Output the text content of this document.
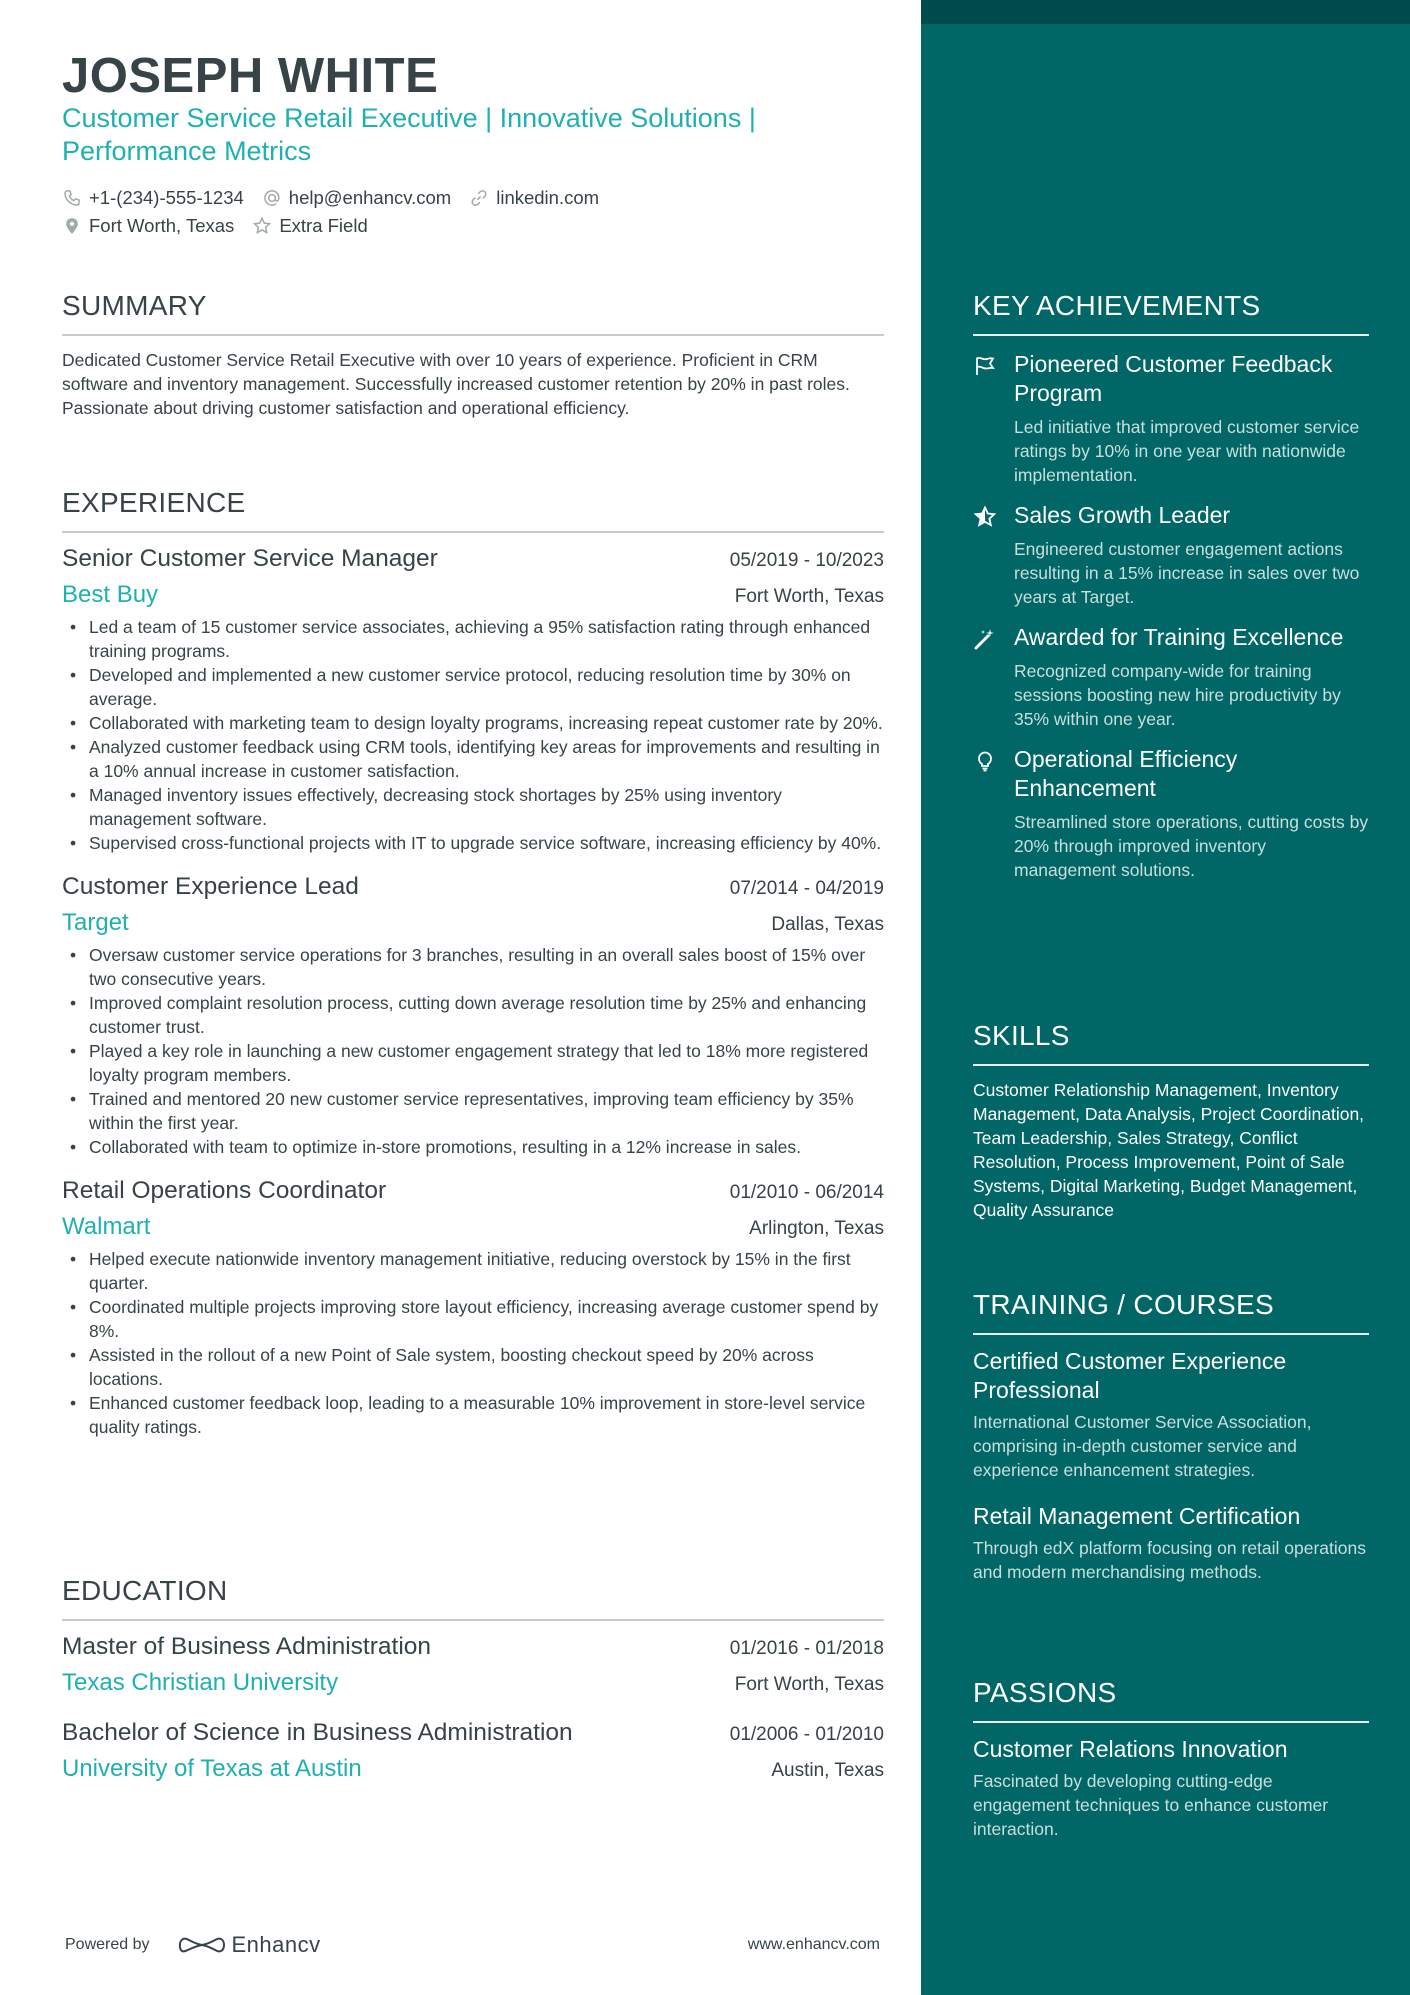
JOSEPH WHITE
Customer Service Retail Executive | Innovative Solutions |
Performance Metrics
+1-(234)-555-1234 help@enhancv.com linkedin.com
Fort Worth, Texas Extra Field
SUMMARY
Dedicated Customer Service Retail Executive with over 10 years of experience. Proficient in CRM software and inventory management. Successfully increased customer retention by 20% in past roles. Passionate about driving customer satisfaction and operational efficiency.
EXPERIENCE
Senior Customer Service Manager	05/2019 - 10/2023
Best Buy	Fort Worth, Texas
• Led a team of 15 customer service associates, achieving a 95% satisfaction rating through enhanced training programs.
• Developed and implemented a new customer service protocol, reducing resolution time by 30% on average.
• Collaborated with marketing team to design loyalty programs, increasing repeat customer rate by 20%.
• Analyzed customer feedback using CRM tools, identifying key areas for improvements and resulting in a 10% annual increase in customer satisfaction.
• Managed inventory issues effectively, decreasing stock shortages by 25% using inventory management software.
• Supervised cross-functional projects with IT to upgrade service software, increasing efficiency by 40%.
Customer Experience Lead	07/2014 - 04/2019
Target	Dallas, Texas
• Oversaw customer service operations for 3 branches, resulting in an overall sales boost of 15% over two consecutive years.
• Improved complaint resolution process, cutting down average resolution time by 25% and enhancing customer trust.
• Played a key role in launching a new customer engagement strategy that led to 18% more registered loyalty program members.
• Trained and mentored 20 new customer service representatives, improving team efficiency by 35% within the first year.
• Collaborated with team to optimize in-store promotions, resulting in a 12% increase in sales.
Retail Operations Coordinator	01/2010 - 06/2014
Walmart	Arlington, Texas
• Helped execute nationwide inventory management initiative, reducing overstock by 15% in the first quarter.
• Coordinated multiple projects improving store layout efficiency, increasing average customer spend by 8%.
• Assisted in the rollout of a new Point of Sale system, boosting checkout speed by 20% across locations.
• Enhanced customer feedback loop, leading to a measurable 10% improvement in store-level service quality ratings.
EDUCATION
Master of Business Administration	01/2016 - 01/2018
Texas Christian University	Fort Worth, Texas
Bachelor of Science in Business Administration	01/2006 - 01/2010
University of Texas at Austin	Austin, Texas
Powered by	Enhancv	www.enhancv.com
KEY ACHIEVEMENTS
Pioneered Customer Feedback Program
Led initiative that improved customer service ratings by 10% in one year with nationwide implementation.
Sales Growth Leader
Engineered customer engagement actions resulting in a 15% increase in sales over two years at Target.
Awarded for Training Excellence
Recognized company-wide for training sessions boosting new hire productivity by 35% within one year.
Operational Efficiency Enhancement
Streamlined store operations, cutting costs by 20% through improved inventory management solutions.
SKILLS
Customer Relationship Management, Inventory Management, Data Analysis, Project Coordination, Team Leadership, Sales Strategy, Conflict Resolution, Process Improvement, Point of Sale Systems, Digital Marketing, Budget Management, Quality Assurance
TRAINING / COURSES
Certified Customer Experience Professional
International Customer Service Association, comprising in-depth customer service and experience enhancement strategies.
Retail Management Certification
Through edX platform focusing on retail operations and modern merchandising methods.
PASSIONS
Customer Relations Innovation
Fascinated by developing cutting-edge engagement techniques to enhance customer interaction.
